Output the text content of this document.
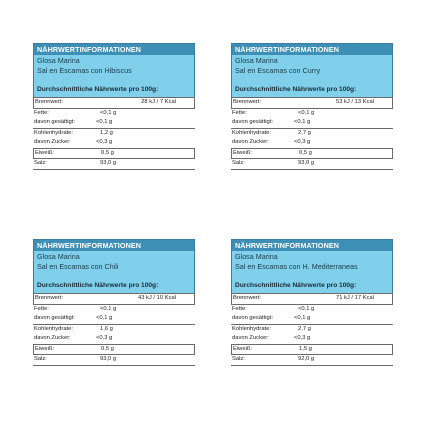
NÄHRWERTINFORMATIONEN
Glosa Marina
Sal en Escamas con Hibiscus
Durchschnittliche Nährwerte pro 100g:
Brennwert:	28 kJ / 7 Kcal
Fette:	<0,1 g
davon gesättigt:	<0,1 g
Kohlenhydrate:	1,2 g
davon Zucker:	<0,3 g
Eiweiß:	0,5 g
Salz:	93,0 g
NÄHRWERTINFORMATIONEN
Glosa Marina
Sal en Escamas con Curry
Durchschnittliche Nährwerte pro 100g:
Brennwert:	53 kJ / 13 Kcal
Fette:	<0,1 g
davon gesättigt:	<0,1 g
Kohlenhydrate:	2,7 g
davon Zucker:	<0,3 g
Eiweiß:	0,5 g
Salz:	93,0 g
NÄHRWERTINFORMATIONEN
Glosa Marina
Sal en Escamas con Chili
Durchschnittliche Nährwerte pro 100g:
Brennwert:	43 kJ / 10 Kcal
Fette:	<0,1 g
davon gesättigt:	<0,1 g
Kohlenhydrate:	1,6 g
davon Zucker:	<0,3 g
Eiweiß:	0,5 g
Salz:	93,0 g
NÄHRWERTINFORMATIONEN
Glosa Marina
Sal en Escamas con H. Mediterraneas
Durchschnittliche Nährwerte pro 100g:
Brennwert:	71 kJ / 17 Kcal
Fette:	<0,1 g
davon gesättigt:	<0,1 g
Kohlenhydrate:	2,7 g
davon Zucker:	<0,3 g
Eiweiß:	1,5 g
Salz:	92,0 g
